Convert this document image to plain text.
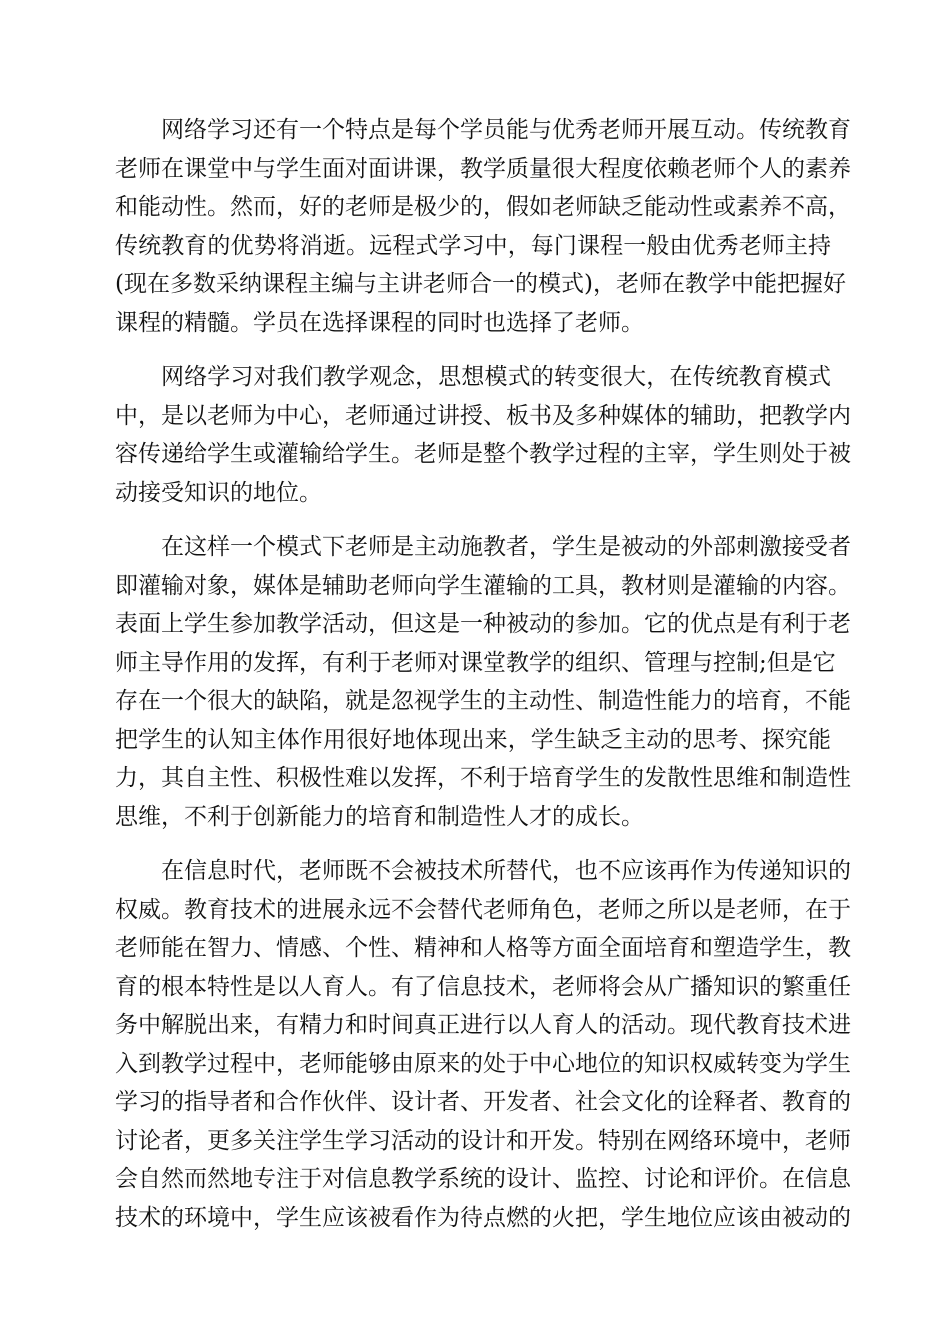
网络学习还有一个特点是每个学员能与优秀老师开展互动。传统教育
老师在课堂中与学生面对面讲课，教学质量很大程度依赖老师个人的素养
和能动性。然而，好的老师是极少的，假如老师缺乏能动性或素养不高，
传统教育的优势将消逝。远程式学习中，每门课程一般由优秀老师主持
(现在多数采纳课程主编与主讲老师合一的模式)，老师在教学中能把握好
课程的精髓。学员在选择课程的同时也选择了老师。
网络学习对我们教学观念，思想模式的转变很大，在传统教育模式
中，是以老师为中心，老师通过讲授、板书及多种媒体的辅助，把教学内
容传递给学生或灌输给学生。老师是整个教学过程的主宰，学生则处于被
动接受知识的地位。
在这样一个模式下老师是主动施教者，学生是被动的外部刺激接受者
即灌输对象，媒体是辅助老师向学生灌输的工具，教材则是灌输的内容。
表面上学生参加教学活动，但这是一种被动的参加。它的优点是有利于老
师主导作用的发挥，有利于老师对课堂教学的组织、管理与控制;但是它
存在一个很大的缺陷，就是忽视学生的主动性、制造性能力的培育，不能
把学生的认知主体作用很好地体现出来，学生缺乏主动的思考、探究能
力，其自主性、积极性难以发挥，不利于培育学生的发散性思维和制造性
思维，不利于创新能力的培育和制造性人才的成长。
在信息时代，老师既不会被技术所替代，也不应该再作为传递知识的
权威。教育技术的进展永远不会替代老师角色，老师之所以是老师，在于
老师能在智力、情感、个性、精神和人格等方面全面培育和塑造学生，教
育的根本特性是以人育人。有了信息技术，老师将会从广播知识的繁重任
务中解脱出来，有精力和时间真正进行以人育人的活动。现代教育技术进
入到教学过程中，老师能够由原来的处于中心地位的知识权威转变为学生
学习的指导者和合作伙伴、设计者、开发者、社会文化的诠释者、教育的
讨论者，更多关注学生学习活动的设计和开发。特别在网络环境中，老师
会自然而然地专注于对信息教学系统的设计、监控、讨论和评价。在信息
技术的环境中，学生应该被看作为待点燃的火把，学生地位应该由被动的
